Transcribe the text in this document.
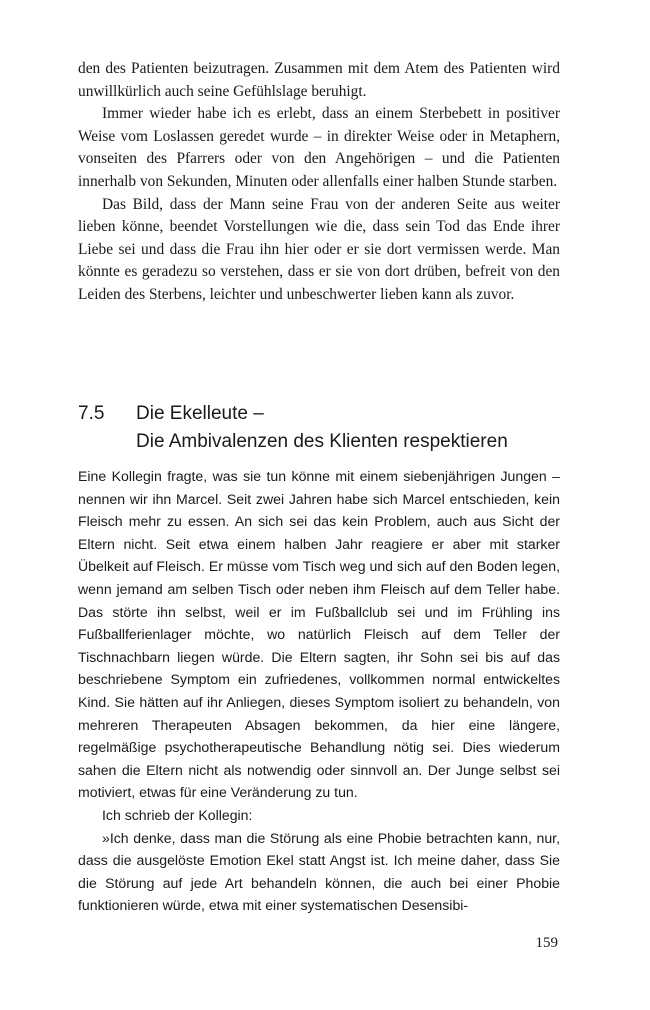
den des Patienten beizutragen. Zusammen mit dem Atem des Patienten wird unwillkürlich auch seine Gefühlslage beruhigt.

Immer wieder habe ich es erlebt, dass an einem Sterbebett in positiver Weise vom Loslassen geredet wurde – in direkter Weise oder in Metaphern, vonseiten des Pfarrers oder von den Angehörigen – und die Patienten innerhalb von Sekunden, Minuten oder allenfalls einer halben Stunde starben.

Das Bild, dass der Mann seine Frau von der anderen Seite aus weiter lieben könne, beendet Vorstellungen wie die, dass sein Tod das Ende ihrer Liebe sei und dass die Frau ihn hier oder er sie dort vermissen werde. Man könnte es geradezu so verstehen, dass er sie von dort drüben, befreit von den Leiden des Sterbens, leichter und unbeschwerter lieben kann als zuvor.

7.5 Die Ekelleute –
Die Ambivalenzen des Klienten respektieren

Eine Kollegin fragte, was sie tun könne mit einem siebenjährigen Jungen – nennen wir ihn Marcel. Seit zwei Jahren habe sich Marcel entschieden, kein Fleisch mehr zu essen. An sich sei das kein Problem, auch aus Sicht der Eltern nicht. Seit etwa einem halben Jahr reagiere er aber mit starker Übelkeit auf Fleisch. Er müsse vom Tisch weg und sich auf den Boden legen, wenn jemand am selben Tisch oder neben ihm Fleisch auf dem Teller habe. Das störte ihn selbst, weil er im Fußballclub sei und im Frühling ins Fußballferienlager möchte, wo natürlich Fleisch auf dem Teller der Tischnachbarn liegen würde. Die Eltern sagten, ihr Sohn sei bis auf das beschriebene Symptom ein zufriedenes, vollkommen normal entwickeltes Kind. Sie hätten auf ihr Anliegen, dieses Symptom isoliert zu behandeln, von mehreren Therapeuten Absagen bekommen, da hier eine längere, regelmäßige psychotherapeutische Behandlung nötig sei. Dies wiederum sahen die Eltern nicht als notwendig oder sinnvoll an. Der Junge selbst sei motiviert, etwas für eine Veränderung zu tun.

Ich schrieb der Kollegin:

»Ich denke, dass man die Störung als eine Phobie betrachten kann, nur, dass die ausgelöste Emotion Ekel statt Angst ist. Ich meine daher, dass Sie die Störung auf jede Art behandeln können, die auch bei einer Phobie funktionieren würde, etwa mit einer systematischen Desensibi-

159
